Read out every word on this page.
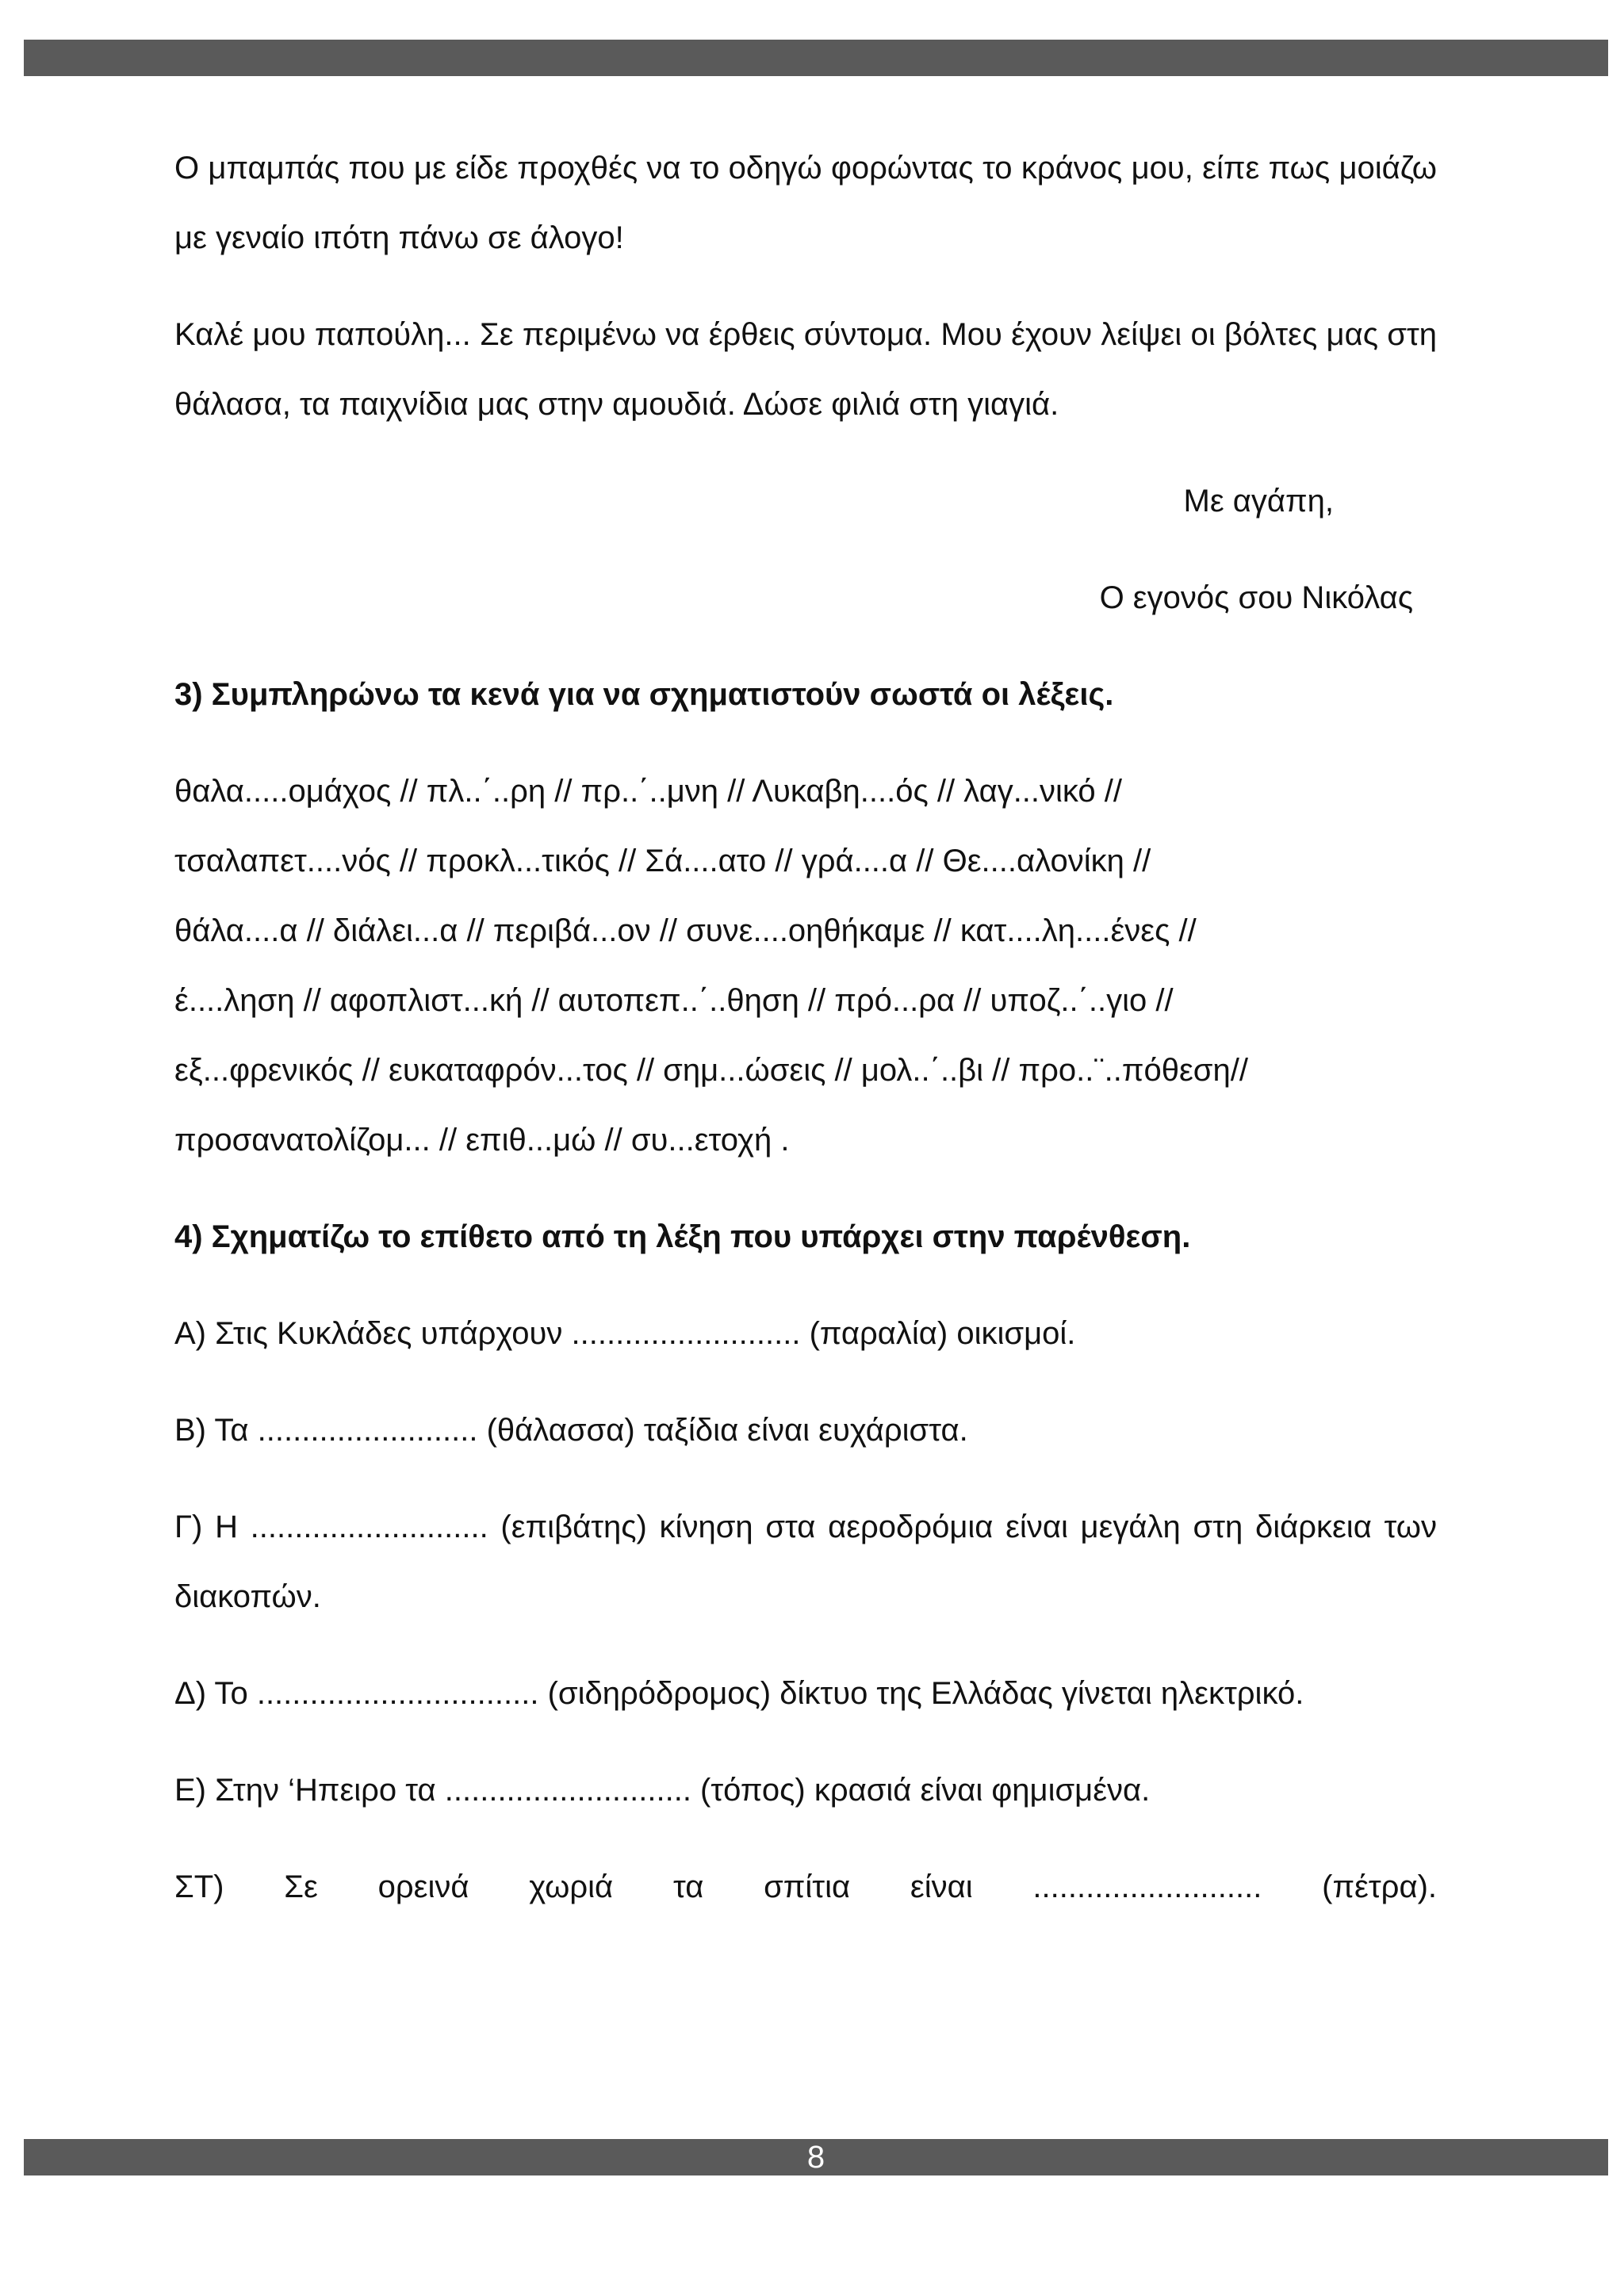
Ο μπαμπάς που με είδε προχθές να το οδηγώ φορώντας το κράνος μου, είπε πως μοιάζω με γεναίο ιπότη πάνω σε άλογο!

Καλέ μου παπούλη... Σε περιμένω να έρθεις σύντομα. Μου έχουν λείψει οι βόλτες μας στη θάλασα, τα παιχνίδια μας στην αμουδιά. Δώσε φιλιά στη γιαγιά.

Με αγάπη,

Ο εγονός σου Νικόλας

3) Συμπληρώνω τα κενά για να σχηματιστούν σωστά οι λέξεις.

θαλα.....ομάχος // πλ..΄..ρη // πρ..΄..μνη // Λυκαβη....ός // λαγ...νικό //
τσαλαπετ....νός // προκλ...τικός // Σά....ατο // γρά....α // Θε....αλονίκη //
θάλα....α // διάλει...α // περιβά...ον // συνε....οηθήκαμε // κατ....λη....ένες //
έ....ληση // αφοπλιστ...κή // αυτοπεπ..΄..θηση // πρό...ρα // υποζ..΄..γιο //
εξ...φρενικός // ευκαταφρόν...τος // σημ...ώσεις // μολ..΄..βι // προ..¨..πόθεση//
προσανατολίζομ... // επιθ...μώ // συ...ετοχή .

4) Σχηματίζω το επίθετο από τη λέξη που υπάρχει στην παρένθεση.

Α) Στις Κυκλάδες υπάρχουν .......................... (παραλία) οικισμοί.

Β) Τα ......................... (θάλασσα) ταξίδια είναι ευχάριστα.

Γ) Η ........................... (επιβάτης) κίνηση στα αεροδρόμια είναι μεγάλη στη διάρκεια των διακοπών.

Δ) Το ................................ (σιδηρόδρομος) δίκτυο της Ελλάδας γίνεται ηλεκτρικό.

Ε) Στην ‘Ηπειρο τα ............................ (τόπος) κρασιά είναι φημισμένα.

ΣΤ) Σε ορεινά χωριά τα σπίτια είναι .......................... (πέτρα).

8
